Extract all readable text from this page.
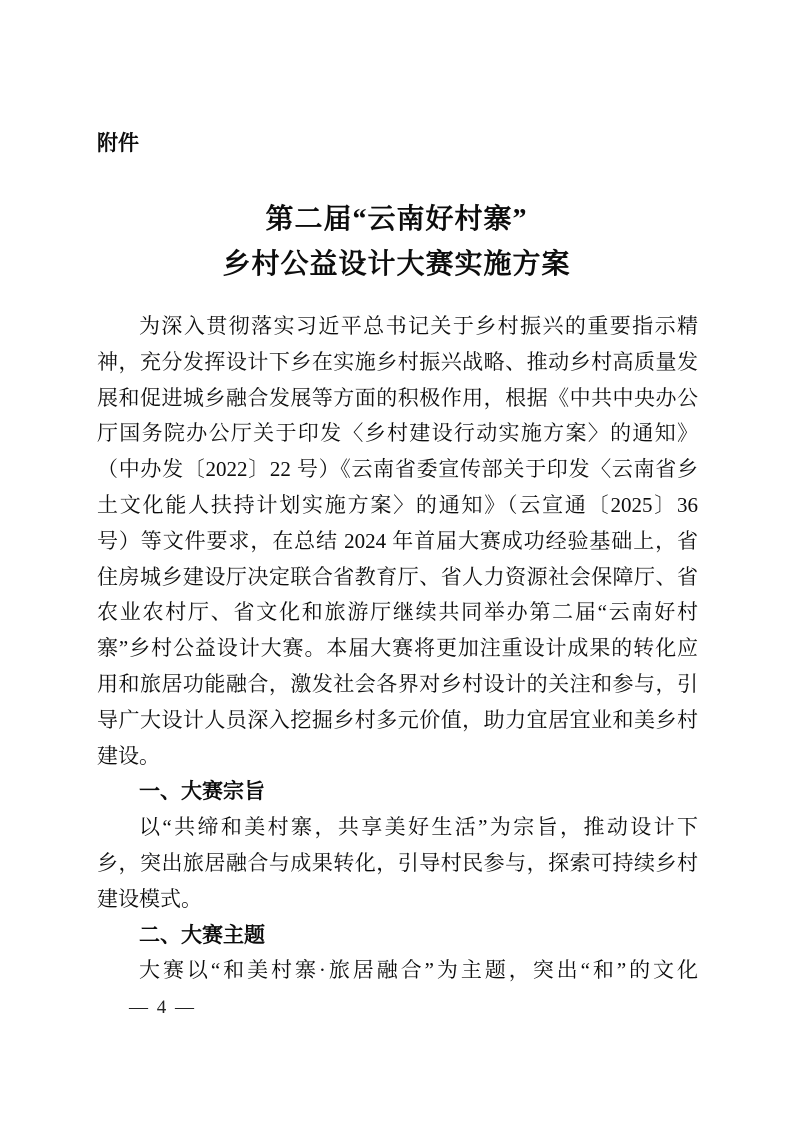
附件
第二届“云南好村寨”
乡村公益设计大赛实施方案
为深入贯彻落实习近平总书记关于乡村振兴的重要指示精
神，充分发挥设计下乡在实施乡村振兴战略、推动乡村高质量发
展和促进城乡融合发展等方面的积极作用，根据《中共中央办公
厅国务院办公厅关于印发〈乡村建设行动实施方案〉的通知》
（中办发〔2022〕22 号）《云南省委宣传部关于印发〈云南省乡
土文化能人扶持计划实施方案〉的通知》（云宣通〔2025〕36
号）等文件要求，在总结 2024 年首届大赛成功经验基础上，省
住房城乡建设厅决定联合省教育厅、省人力资源社会保障厅、省
农业农村厅、省文化和旅游厅继续共同举办第二届“云南好村
寨”乡村公益设计大赛。本届大赛将更加注重设计成果的转化应
用和旅居功能融合，激发社会各界对乡村设计的关注和参与，引
导广大设计人员深入挖掘乡村多元价值，助力宜居宜业和美乡村
建设。
一、大赛宗旨
以“共缔和美村寨，共享美好生活”为宗旨，推动设计下
乡，突出旅居融合与成果转化，引导村民参与，探索可持续乡村
建设模式。
二、大赛主题
大赛以“和美村寨·旅居融合”为主题，突出“和”的文化
— 4 —
